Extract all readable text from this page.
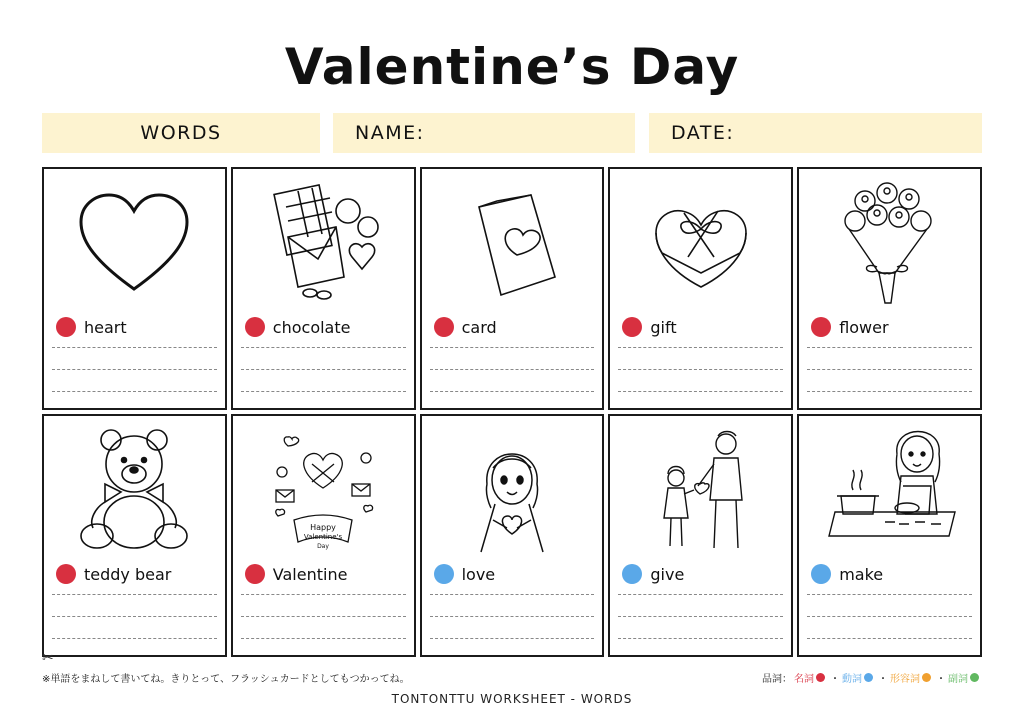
Valentine’s Day
WORDS	NAME:	DATE:
heart	chocolate	card	gift	flower
teddy bear
Happy
Valentine's
Day
Valentine	love	give	make
✂
※単語をまねして書いてね。きりとって、フラッシュカードとしてもつかってね。	品詞： 名詞 ・ 動詞 ・ 形容詞 ・ 副詞
TONTONTTU WORKSHEET - WORDS
